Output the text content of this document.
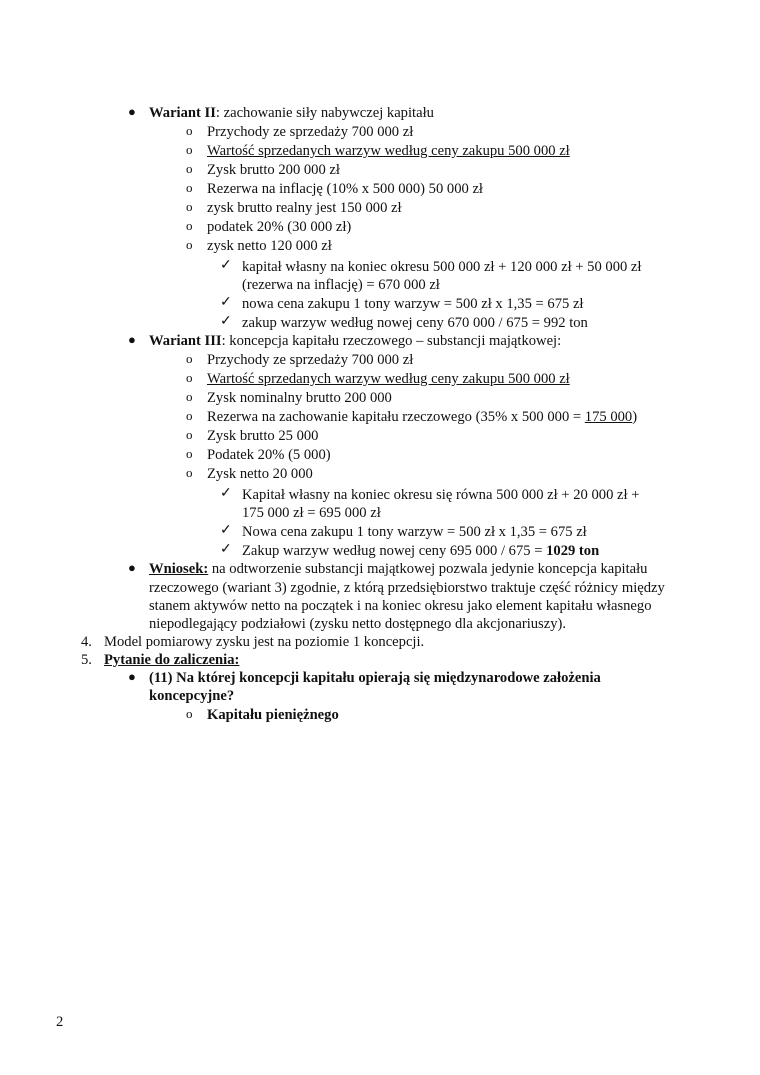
● Wariant II: zachowanie siły nabywczej kapitału
o Przychody ze sprzedaży 700 000 zł
o Wartość sprzedanych warzyw według ceny zakupu 500 000 zł
o Zysk brutto 200 000 zł
o Rezerwa na inflację (10% x 500 000) 50 000 zł
o zysk brutto realny jest 150 000 zł
o podatek 20% (30 000 zł)
o zysk netto 120 000 zł
✓ kapitał własny na koniec okresu 500 000 zł + 120 000 zł + 50 000 zł
(rezerwa na inflację) = 670 000 zł
✓ nowa cena zakupu 1 tony warzyw = 500 zł x 1,35 = 675 zł
✓ zakup warzyw według nowej ceny 670 000 / 675 = 992 ton
● Wariant III: koncepcja kapitału rzeczowego – substancji majątkowej:
o Przychody ze sprzedaży 700 000 zł
o Wartość sprzedanych warzyw według ceny zakupu 500 000 zł
o Zysk nominalny brutto 200 000
o Rezerwa na zachowanie kapitału rzeczowego (35% x 500 000 = 175 000)
o Zysk brutto 25 000
o Podatek 20% (5 000)
o Zysk netto 20 000
✓ Kapitał własny na koniec okresu się równa 500 000 zł + 20 000 zł +
175 000 zł = 695 000 zł
✓ Nowa cena zakupu 1 tony warzyw = 500 zł x 1,35 = 675 zł
✓ Zakup warzyw według nowej ceny 695 000 / 675 = 1029 ton
● Wniosek: na odtworzenie substancji majątkowej pozwala jedynie koncepcja kapitału
rzeczowego (wariant 3) zgodnie, z którą przedsiębiorstwo traktuje część różnicy między
stanem aktywów netto na początek i na koniec okresu jako element kapitału własnego
niepodlegający podziałowi (zysku netto dostępnego dla akcjonariuszy).
4. Model pomiarowy zysku jest na poziomie 1 koncepcji.
5. Pytanie do zaliczenia:
● (11) Na której koncepcji kapitału opierają się międzynarodowe założenia
koncepcyjne?
o Kapitału pieniężnego
2
